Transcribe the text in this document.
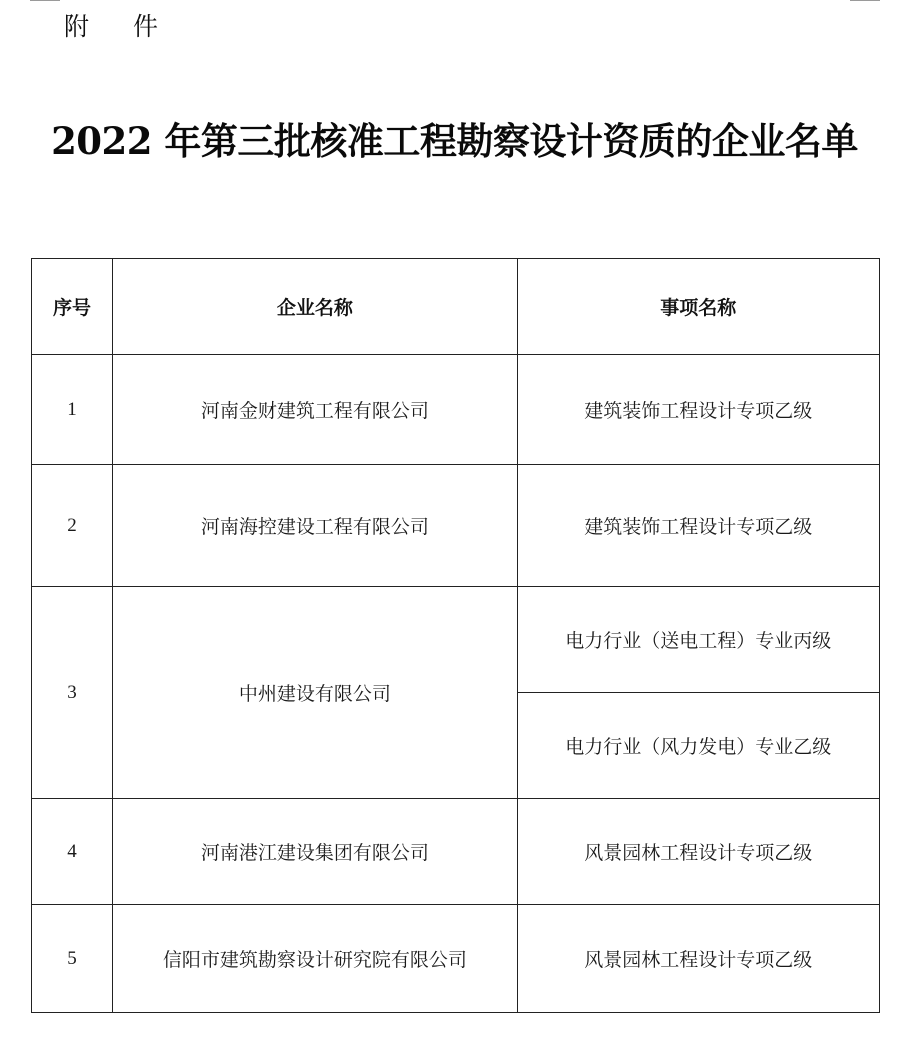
附 件
2022 年第三批核准工程勘察设计资质的企业名单
序号	企业名称	事项名称
1	河南金财建筑工程有限公司	建筑装饰工程设计专项乙级
2	河南海控建设工程有限公司	建筑装饰工程设计专项乙级
3	中州建设有限公司	电力行业（送电工程）专业丙级
		电力行业（风力发电）专业乙级
4	河南港江建设集团有限公司	风景园林工程设计专项乙级
5	信阳市建筑勘察设计研究院有限公司	风景园林工程设计专项乙级
